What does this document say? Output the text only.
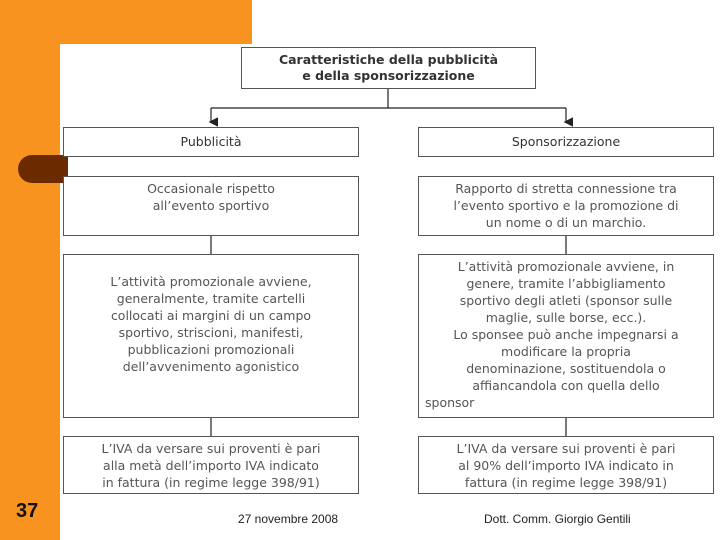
Caratteristiche della pubblicità
e della sponsorizzazione
Pubblicità	Sponsorizzazione
Occasionale rispetto
all’evento sportivo
Rapporto di stretta connessione tra
l’evento sportivo e la promozione di
un nome o di un marchio.
L’attività promozionale avviene,
generalmente, tramite cartelli
collocati ai margini di un campo
sportivo, striscioni, manifesti,
pubblicazioni promozionali
dell’avvenimento agonistico
L’attività promozionale avviene, in
genere, tramite l’abbigliamento
sportivo degli atleti (sponsor sulle
maglie, sulle borse, ecc.).
Lo sponsee può anche impegnarsi a
modificare la propria
denominazione, sostituendola o
affiancandola con quella dello
sponsor
L’IVA da versare sui proventi è pari
alla metà dell’importo IVA indicato
in fattura (in regime legge 398/91)
L’IVA da versare sui proventi è pari
al 90% dell’importo IVA indicato in
fattura (in regime legge 398/91)
37	27 novembre 2008	Dott. Comm. Giorgio Gentili
